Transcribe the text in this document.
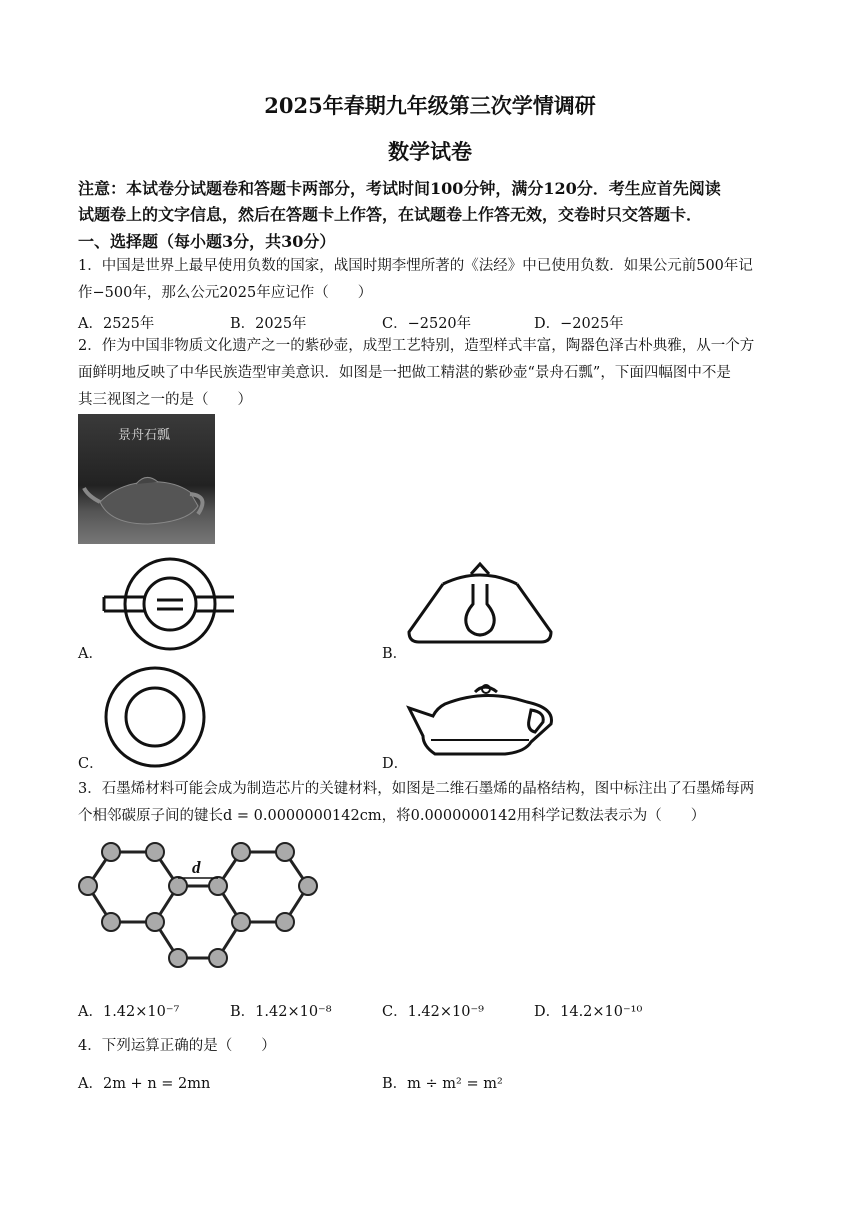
2025年春期九年级第三次学情调研
数学试卷
注意：本试卷分试题卷和答题卡两部分，考试时间100分钟，满分120分．考生应首先阅读
试题卷上的文字信息，然后在答题卡上作答，在试题卷上作答无效，交卷时只交答题卡．
一、选择题（每小题3分，共30分）
1．中国是世界上最早使用负数的国家，战国时期李悝所著的《法经》中已使用负数．如果公元前500年记
作−500年，那么公元2025年应记作（　　）
A．2525年	B．2025年	C．−2520年	D．−2025年
2．作为中国非物质文化遗产之一的紫砂壶，成型工艺特别，造型样式丰富，陶器色泽古朴典雅，从一个方
面鲜明地反映了中华民族造型审美意识．如图是一把做工精湛的紫砂壶“景舟石瓢”，下面四幅图中不是
其三视图之一的是（　　）
景舟石瓢
A．	B．
C．	D．
3．石墨烯材料可能会成为制造芯片的关键材料，如图是二维石墨烯的晶格结构，图中标注出了石墨烯每两
个相邻碳原子间的键长d = 0.0000000142cm，将0.0000000142用科学记数法表示为（　　）
d
A．1.42×10⁻⁷	B．1.42×10⁻⁸	C．1.42×10⁻⁹	D．14.2×10⁻¹⁰
4．下列运算正确的是（　　）
A．2m + n = 2mn	B．m ÷ m² = m²
